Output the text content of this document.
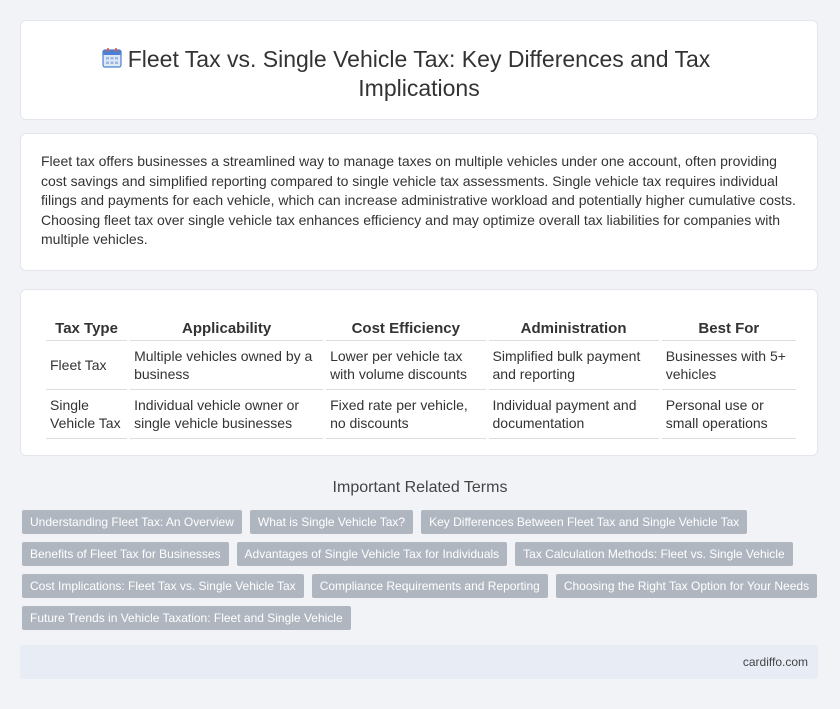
Fleet Tax vs. Single Vehicle Tax: Key Differences and Tax Implications
Fleet tax offers businesses a streamlined way to manage taxes on multiple vehicles under one account, often providing cost savings and simplified reporting compared to single vehicle tax assessments. Single vehicle tax requires individual filings and payments for each vehicle, which can increase administrative workload and potentially higher cumulative costs. Choosing fleet tax over single vehicle tax enhances efficiency and may optimize overall tax liabilities for companies with multiple vehicles.
Tax Type	Applicability	Cost Efficiency	Administration	Best For
Fleet Tax	Multiple vehicles owned by a business	Lower per vehicle tax with volume discounts	Simplified bulk payment and reporting	Businesses with 5+ vehicles
Single Vehicle Tax	Individual vehicle owner or single vehicle businesses	Fixed rate per vehicle, no discounts	Individual payment and documentation	Personal use or small operations
Important Related Terms
Understanding Fleet Tax: An Overview	What is Single Vehicle Tax?	Key Differences Between Fleet Tax and Single Vehicle Tax
Benefits of Fleet Tax for Businesses	Advantages of Single Vehicle Tax for Individuals	Tax Calculation Methods: Fleet vs. Single Vehicle
Cost Implications: Fleet Tax vs. Single Vehicle Tax	Compliance Requirements and Reporting	Choosing the Right Tax Option for Your Needs
Future Trends in Vehicle Taxation: Fleet and Single Vehicle
cardiffo.com
